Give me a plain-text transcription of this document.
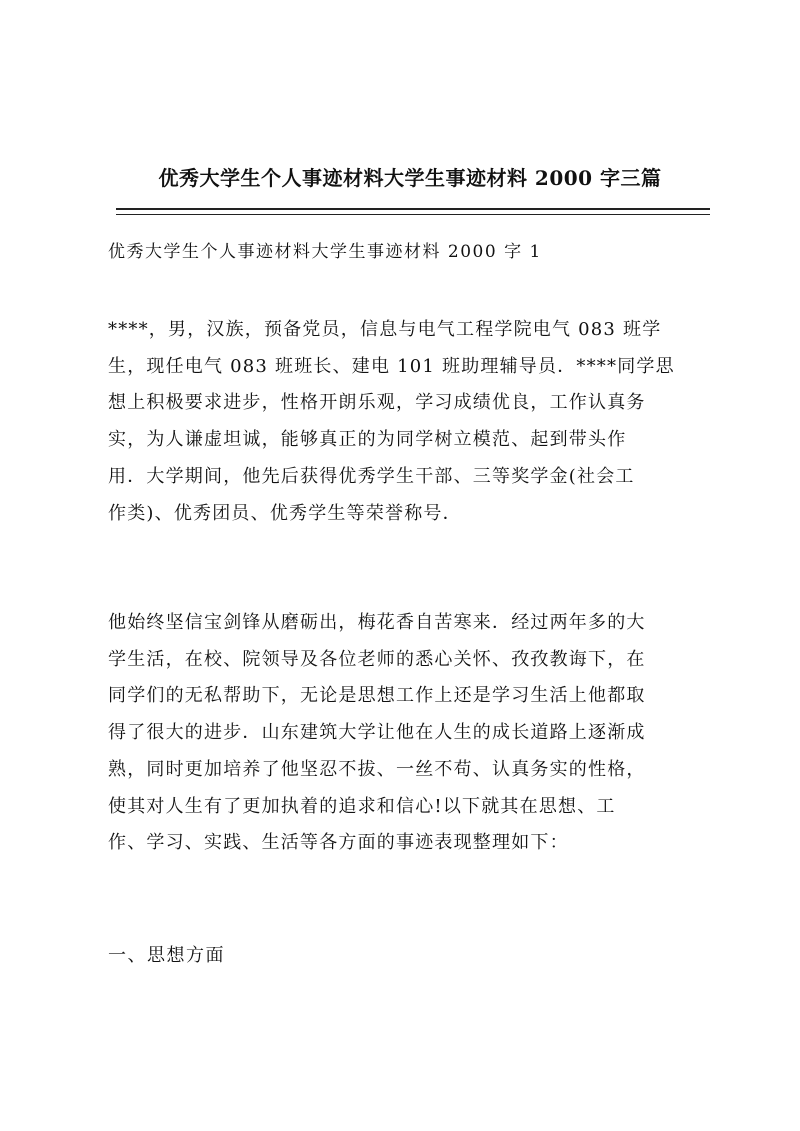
优秀大学生个人事迹材料大学生事迹材料 2000 字三篇

优秀大学生个人事迹材料大学生事迹材料 2000 字 1

****，男，汉族，预备党员，信息与电气工程学院电气 083 班学
生，现任电气 083 班班长、建电 101 班助理辅导员．****同学思
想上积极要求进步，性格开朗乐观，学习成绩优良，工作认真务
实，为人谦虚坦诚，能够真正的为同学树立模范、起到带头作
用．大学期间，他先后获得优秀学生干部、三等奖学金(社会工
作类)、优秀团员、优秀学生等荣誉称号．
他始终坚信宝剑锋从磨砺出，梅花香自苦寒来．经过两年多的大
学生活，在校、院领导及各位老师的悉心关怀、孜孜教诲下，在
同学们的无私帮助下，无论是思想工作上还是学习生活上他都取
得了很大的进步．山东建筑大学让他在人生的成长道路上逐渐成
熟，同时更加培养了他坚忍不拔、一丝不苟、认真务实的性格，
使其对人生有了更加执着的追求和信心!以下就其在思想、工
作、学习、实践、生活等各方面的事迹表现整理如下：

一、思想方面
